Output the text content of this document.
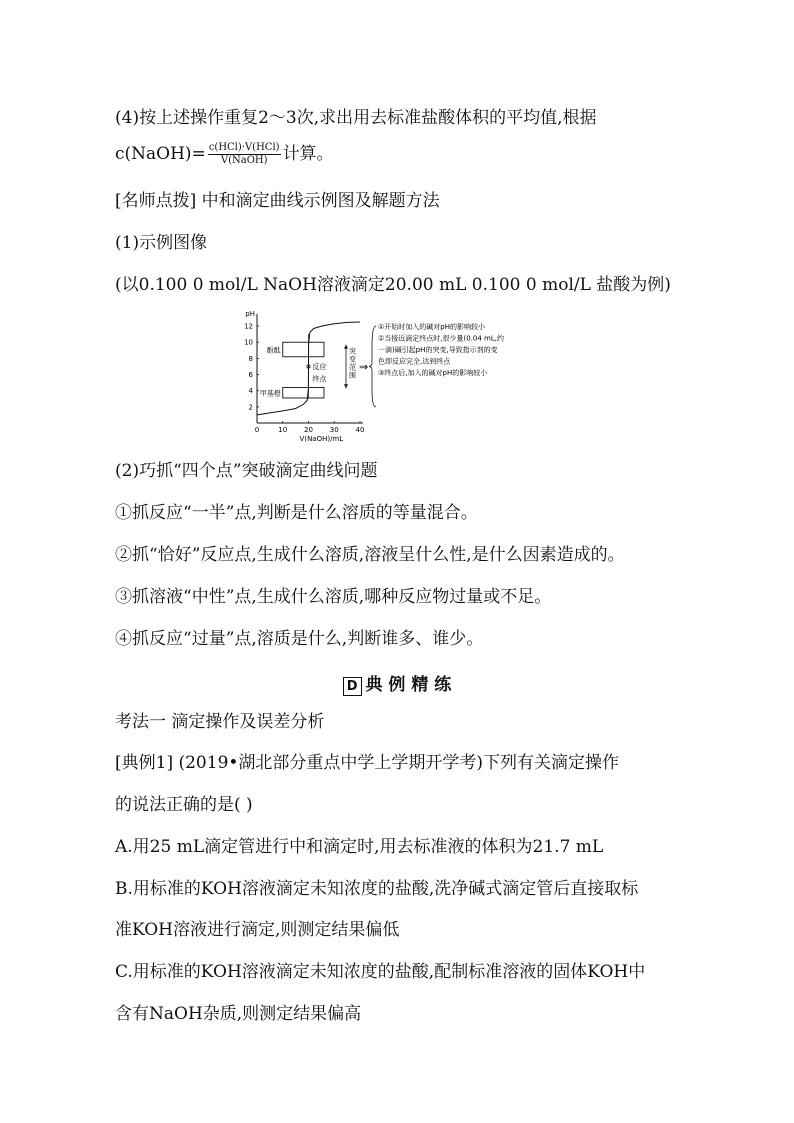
(4)按上述操作重复2～3次,求出用去标准盐酸体积的平均值,根据
c(NaOH)= $\frac{\text{c(HCl)·V(HCl)}}{\text{V(NaOH)}}$ 计算。
[名师点拨] 中和滴定曲线示例图及解题方法
(1)示例图像
(以0.100 0 mol/L NaOH溶液滴定20.00 mL 0.100 0 mol/L 盐酸为例)
pH
2
4
6
8
10
12
0	10 20 30 40
V(NaOH)/mL
酚酞
甲基橙
反应
终点
突
变
范
围
⇒
①开始时加入的碱对pH的影响较小
②当接近滴定终点时,很少量(0.04 mL,约
一滴)碱引起pH的突变,导致指示剂的变
色即反应完全,达到终点
③终点后,加入的碱对pH的影响较小
(2)巧抓“四个点”突破滴定曲线问题
①抓反应“一半”点,判断是什么溶质的等量混合。
②抓“恰好”反应点,生成什么溶质,溶液呈什么性,是什么因素造成的。
③抓溶液“中性”点,生成什么溶质,哪种反应物过量或不足。
④抓反应“过量”点,溶质是什么,判断谁多、谁少。
D 典 例 精 练
考法一 滴定操作及误差分析
[典例1] (2019•湖北部分重点中学上学期开学考)下列有关滴定操作
的说法正确的是( )
A.用25 mL滴定管进行中和滴定时,用去标准液的体积为21.7 mL
B.用标准的KOH溶液滴定未知浓度的盐酸,洗净碱式滴定管后直接取标
准KOH溶液进行滴定,则测定结果偏低
C.用标准的KOH溶液滴定未知浓度的盐酸,配制标准溶液的固体KOH中
含有NaOH杂质,则测定结果偏高
